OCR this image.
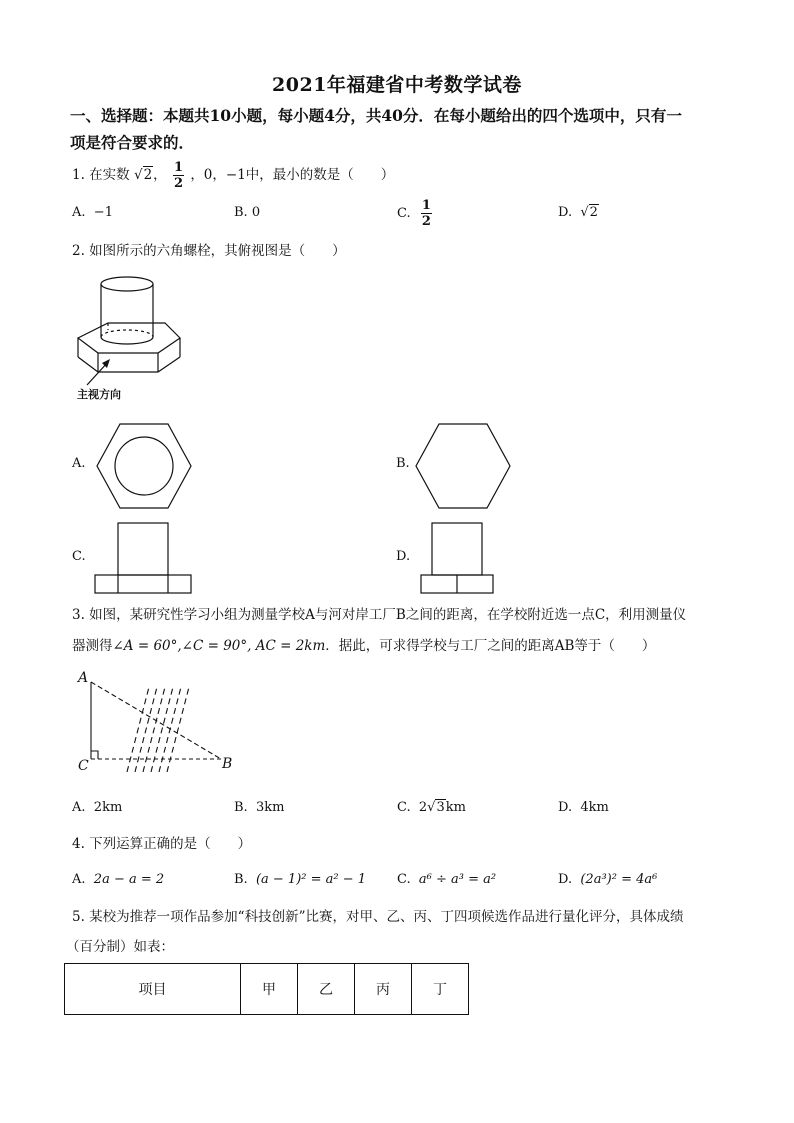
2021年福建省中考数学试卷
一、选择题：本题共10小题，每小题4分，共40分．在每小题给出的四个选项中，只有一
项是符合要求的．
1. 在实数 √2， $\frac{1}{2}$ ，0，−1中，最小的数是（　　）
A. −1	B. 0	C. $\frac{1}{2}$	D. √2
2. 如图所示的六角螺栓，其俯视图是（　　）
主视方向
A.	B.
C.	D.
3. 如图，某研究性学习小组为测量学校A与河对岸工厂B之间的距离，在学校附近选一点C，利用测量仪
器测得∠A = 60°,∠C = 90°, AC = 2km．据此，可求得学校与工厂之间的距离AB等于（　　）
A
C	B
A. 2km	B. 3km	C. 2√3km	D. 4km
4. 下列运算正确的是（　　）
A. 2a − a = 2	B. (a − 1)² = a² − 1 C. a⁶ ÷ a³ = a²	D. (2a³)² = 4a⁶
5. 某校为推荐一项作品参加“科技创新”比赛，对甲、乙、丙、丁四项候选作品进行量化评分，具体成绩
（百分制）如表：
项目	甲	乙	丙	丁
